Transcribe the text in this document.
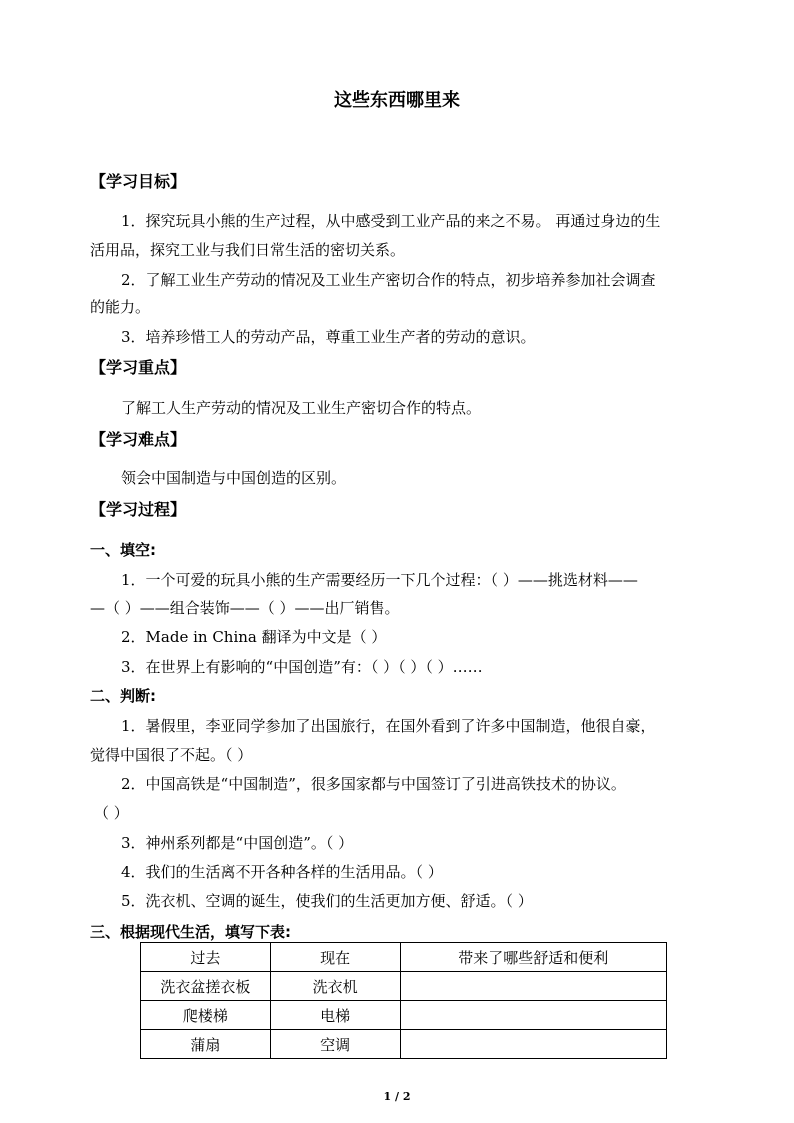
这些东西哪里来
【学习目标】
1．探究玩具小熊的生产过程，从中感受到工业产品的来之不易。 再通过身边的生
活用品，探究工业与我们日常生活的密切关系。
2．了解工业生产劳动的情况及工业生产密切合作的特点，初步培养参加社会调查
的能力。
3．培养珍惜工人的劳动产品，尊重工业生产者的劳动的意识。
【学习重点】
了解工人生产劳动的情况及工业生产密切合作的特点。
【学习难点】
领会中国制造与中国创造的区别。
【学习过程】
一、填空:
1．一个可爱的玩具小熊的生产需要经历一下几个过程：（ ）——挑选材料——
—（ ）——组合装饰——（ ）——出厂销售。
2．Made in China 翻译为中文是（ ）
3．在世界上有影响的“中国创造”有：（ ）（ ）（ ）……
二、判断:
1．暑假里，李亚同学参加了出国旅行，在国外看到了许多中国制造，他很自豪，
觉得中国很了不起。（ ）
2．中国高铁是“中国制造”，很多国家都与中国签订了引进高铁技术的协议。
（ ）
3．神州系列都是“中国创造”。（ ）
4．我们的生活离不开各种各样的生活用品。（ ）
5．洗衣机、空调的诞生，使我们的生活更加方便、舒适。（ ）
三、根据现代生活，填写下表:
过去	现在	带来了哪些舒适和便利
洗衣盆搓衣板	洗衣机	
爬楼梯	电梯	
蒲扇	空调	
1 / 2
